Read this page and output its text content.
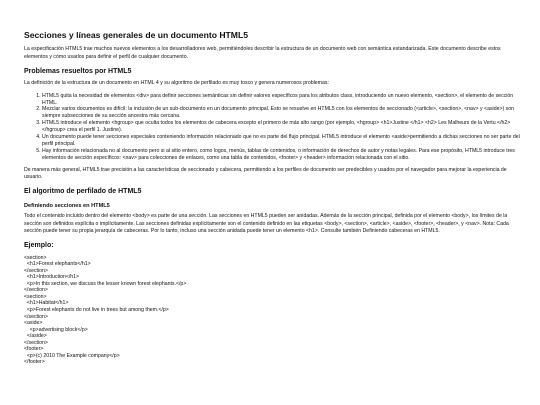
Secciones y líneas generales de un documento HTML5

La especificación HTML5 trae muchos nuevos elementos a los desarrolladores web, permitiéndoles describir la estructura de un documento web con semántica estandarizada. Este documento describe estos elementos y cómo usarlos para definir el perfil de cualquier documento.

Problemas resueltos por HTML5

La definición de la estructura de un documento en HTML 4 y su algoritmo de perfilado es muy tosco y genera numerosos problemas:

1. HTML5 quita la necesidad de elementos <div> para definir secciones semánticas sin definir valores específicos para los atributos class, introduciendo un nuevo elemento, <section>, el elemento de sección HTML.
2. Mezclar varios documentos es difícil: la inclusión de un sub-documento en un documento principal. Esto se resuelve en HTML5 con los elementos de seccionado (<article>, <section>, <nav> y <aside>) son siempre subsecciones de su sección ancestra más cercana.
3. HTML5 introduce el elemento <hgroup> que oculta todos los elementos de cabecera excepto el primero de más alto rango (por ejemplo, <hgroup> <h1>Justine </h1> <h2> Les Malheurs de la Vertu </h2> </hgroup> crea el perfil 1. Justine).
4. Un documento puede tener secciones especiales conteniendo información relacionado que no es parte del flujo principal. HTML5 introduce el elemento <aside>permitiendo a dichas secciones no ser parte del perfil principal.
5. Hay información relacionada no al documento pero si al sitio entero, como logos, menús, tablas de contenidos, o información de derechos de autor y notas legales. Para ese propósito, HTML5 introduce tres elementos de sección específicos: <nav> para colecciones de enlaces, como una tabla de contenidos, <footer> y <header> información relacionada con el sitio.

De manera más general, HTML5 trae precisión a las características de seccionado y cabecera, permitiendo a los perfiles de documento ser predecibles y usados por el navegador para mejorar la experiencia de usuario.

El algoritmo de perfilado de HTML5
Definiendo secciones en HTML5

Todo el contenido incluido dentro del elemento <body> es parte de una sección. Las secciones en HTML5 pueden ser anidadas. Además de la sección principal, definida por el elemento <body>, los límites de la sección son definidos explícita o implícitamente. Las secciones definidas explícitamente son el contenido definido en las etiquetas <body>, <section>, <article>, <aside>, <footer>, <header>, y <nav>. Nota: Cada sección puede tener su propia jerarquía de cabeceras. Por lo tanto, incluso una sección anidada puede tener un elemento <h1>. Consulte también Definiendo cabeceras en HTML5.

Ejemplo:
<section>
<h1>Forest elephants</h1>
</section>
<h1>Introduction</h1>
<p>In this section, we discuss the lesser known forest elephants.</p>
</section>
<section>
<h1>Habitat</h1>
<p>Forest elephants do not live in trees but among them.</p>
</section>
<aside>
<p>advertising block</p>
</aside>
</section>
<footer>
<p>(c) 2010 The Example company</p>
</footer>
